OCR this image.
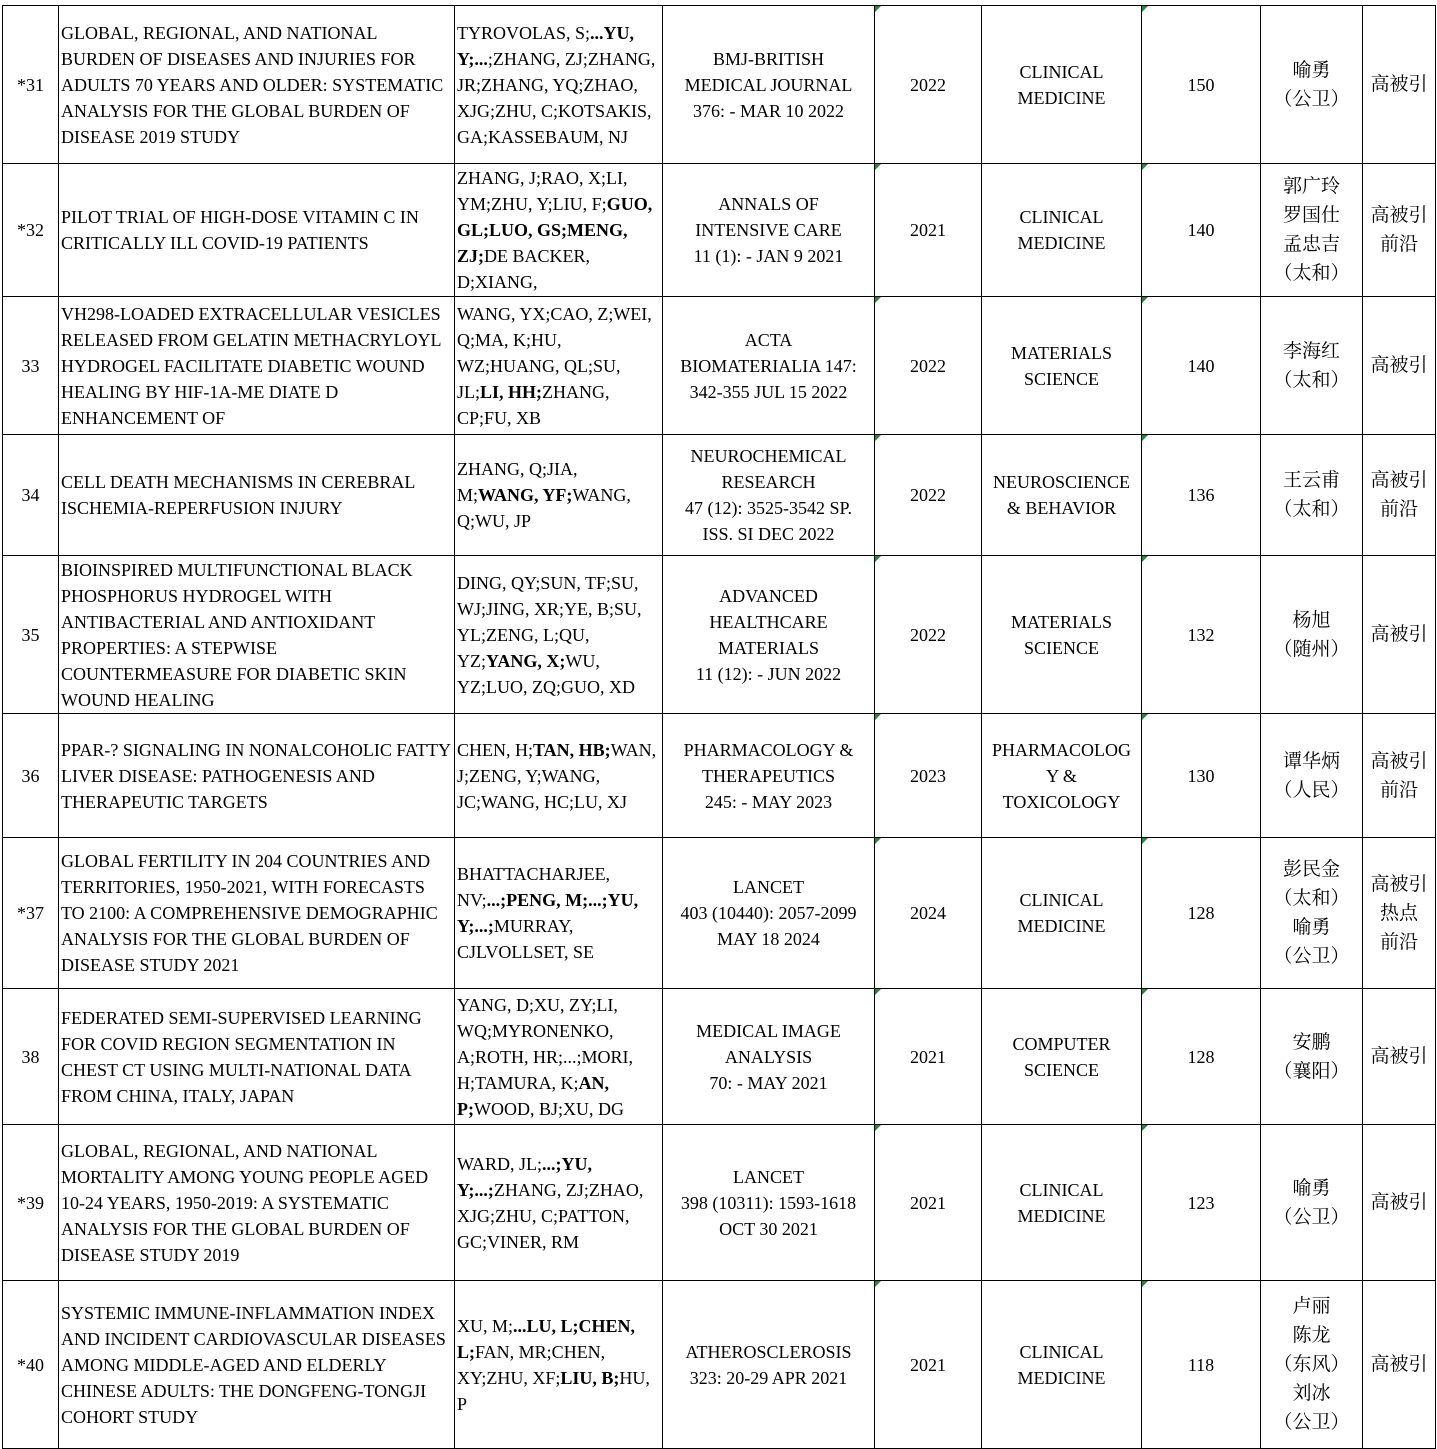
*31	GLOBAL, REGIONAL, AND NATIONAL BURDEN OF DISEASES AND INJURIES FOR ADULTS 70 YEARS AND OLDER: SYSTEMATIC ANALYSIS FOR THE GLOBAL BURDEN OF DISEASE 2019 STUDY	TYROVOLAS, S;...YU, Y;...;ZHANG, ZJ;ZHANG, JR;ZHANG, YQ;ZHAO, XJG;ZHU, C;KOTSAKIS, GA;KASSEBAUM, NJ	BMJ-BRITISH
MEDICAL JOURNAL
376: - MAR 10 2022	2022	CLINICAL
MEDICINE	150	喻勇
（公卫）	高被引

*32	PILOT TRIAL OF HIGH-DOSE VITAMIN C IN CRITICALLY ILL COVID-19 PATIENTS	ZHANG, J;RAO, X;LI, YM;ZHU, Y;LIU, F;GUO, GL;LUO, GS;MENG, ZJ;DE BACKER, D;XIANG,	ANNALS OF
INTENSIVE CARE
11 (1): - JAN 9 2021	2021	CLINICAL
MEDICINE	140	郭广玲
罗国仕
孟忠吉
（太和）	高被引
前沿

33	VH298-LOADED EXTRACELLULAR VESICLES RELEASED FROM GELATIN METHACRYLOYL HYDROGEL FACILITATE DIABETIC WOUND HEALING BY HIF-1A-ME DIATE D ENHANCEMENT OF	WANG, YX;CAO, Z;WEI, Q;MA, K;HU, WZ;HUANG, QL;SU, JL;LI, HH;ZHANG, CP;FU, XB	ACTA
BIOMATERIALIA 147:
342-355 JUL 15 2022	2022	MATERIALS
SCIENCE	140	李海红
（太和）	高被引

34	CELL DEATH MECHANISMS IN CEREBRAL ISCHEMIA-REPERFUSION INJURY	ZHANG, Q;JIA, M;WANG, YF;WANG, Q;WU, JP	NEUROCHEMICAL
RESEARCH
47 (12): 3525-3542 SP.
ISS. SI DEC 2022	2022	NEUROSCIENCE
& BEHAVIOR	136	王云甫
（太和）	高被引
前沿

35	BIOINSPIRED MULTIFUNCTIONAL BLACK PHOSPHORUS HYDROGEL WITH ANTIBACTERIAL AND ANTIOXIDANT PROPERTIES: A STEPWISE COUNTERMEASURE FOR DIABETIC SKIN WOUND HEALING	DING, QY;SUN, TF;SU, WJ;JING, XR;YE, B;SU, YL;ZENG, L;QU, YZ;YANG, X;WU, YZ;LUO, ZQ;GUO, XD	ADVANCED
HEALTHCARE
MATERIALS
11 (12): - JUN 2022	2022	MATERIALS
SCIENCE	132	杨旭
（随州）	高被引

36	PPAR-? SIGNALING IN NONALCOHOLIC FATTY LIVER DISEASE: PATHOGENESIS AND THERAPEUTIC TARGETS	CHEN, H;TAN, HB;WAN, J;ZENG, Y;WANG, JC;WANG, HC;LU, XJ	PHARMACOLOGY &
THERAPEUTICS
245: - MAY 2023	2023	PHARMACOLOG
Y &
TOXICOLOGY	130	谭华炳
（人民）	高被引
前沿

*37	GLOBAL FERTILITY IN 204 COUNTRIES AND TERRITORIES, 1950-2021, WITH FORECASTS TO 2100: A COMPREHENSIVE DEMOGRAPHIC ANALYSIS FOR THE GLOBAL BURDEN OF DISEASE STUDY 2021	BHATTACHARJEE, NV;...;PENG, M;...;YU, Y;...;MURRAY, CJLVOLLSET, SE	LANCET
403 (10440): 2057-2099
MAY 18 2024	2024	CLINICAL
MEDICINE	128	彭民金
（太和）
喻勇
（公卫）	高被引
热点
前沿

38	FEDERATED SEMI-SUPERVISED LEARNING FOR COVID REGION SEGMENTATION IN CHEST CT USING MULTI-NATIONAL DATA FROM CHINA, ITALY, JAPAN	YANG, D;XU, ZY;LI, WQ;MYRONENKO, A;ROTH, HR;...;MORI, H;TAMURA, K;AN, P;WOOD, BJ;XU, DG	MEDICAL IMAGE
ANALYSIS
70: - MAY 2021	2021	COMPUTER
SCIENCE	128	安鹏
（襄阳）	高被引

*39	GLOBAL, REGIONAL, AND NATIONAL MORTALITY AMONG YOUNG PEOPLE AGED 10-24 YEARS, 1950-2019: A SYSTEMATIC ANALYSIS FOR THE GLOBAL BURDEN OF DISEASE STUDY 2019	WARD, JL;...;YU, Y;...;ZHANG, ZJ;ZHAO, XJG;ZHU, C;PATTON, GC;VINER, RM	LANCET
398 (10311): 1593-1618
OCT 30 2021	2021	CLINICAL
MEDICINE	123	喻勇
（公卫）	高被引

*40	SYSTEMIC IMMUNE-INFLAMMATION INDEX AND INCIDENT CARDIOVASCULAR DISEASES AMONG MIDDLE-AGED AND ELDERLY CHINESE ADULTS: THE DONGFENG-TONGJI COHORT STUDY	XU, M;...LU, L;CHEN, L;FAN, MR;CHEN, XY;ZHU, XF;LIU, B;HU, P	ATHEROSCLEROSIS
323: 20-29 APR 2021	2021	CLINICAL
MEDICINE	118	卢丽
陈龙
（东风）
刘冰
（公卫）	高被引
